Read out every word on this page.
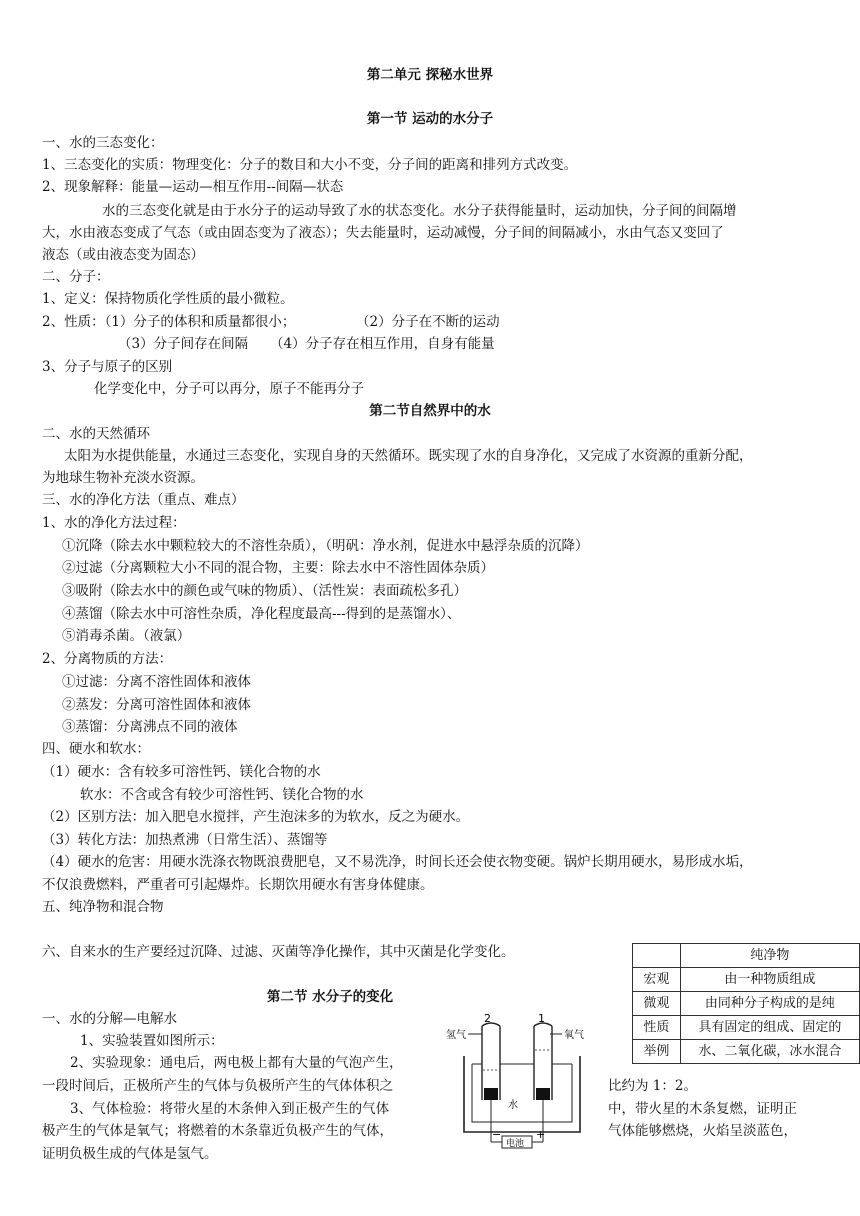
第二单元 探秘水世界
第一节 运动的水分子
一、水的三态变化：
1、三态变化的实质：物理变化：分子的数目和大小不变，分子间的距离和排列方式改变。
2、现象解释：能量—运动—相互作用--间隔—状态
水的三态变化就是由于水分子的运动导致了水的状态变化。水分子获得能量时，运动加快，分子间的间隔增
大，水由液态变成了气态（或由固态变为了液态）；失去能量时，运动减慢，分子间的间隔减小，水由气态又变回了
液态（或由液态变为固态）
二、分子：
1、定义：保持物质化学性质的最小微粒。
2、性质：（1）分子的体积和质量都很小；	（2）分子在不断的运动
（3）分子间存在间隔 （4）分子存在相互作用，自身有能量
3、分子与原子的区别
化学变化中，分子可以再分，原子不能再分子
第二节自然界中的水
二、水的天然循环
太阳为水提供能量，水通过三态变化，实现自身的天然循环。既实现了水的自身净化，又完成了水资源的重新分配，
为地球生物补充淡水资源。
三、水的净化方法（重点、难点）
1、水的净化方法过程：
①沉降（除去水中颗粒较大的不溶性杂质），（明矾：净水剂，促进水中悬浮杂质的沉降）
②过滤（分离颗粒大小不同的混合物，主要：除去水中不溶性固体杂质）
③吸附（除去水中的颜色或气味的物质）、（活性炭：表面疏松多孔）
④蒸馏（除去水中可溶性杂质，净化程度最高---得到的是蒸馏水）、
⑤消毒杀菌。（液氯）
2、分离物质的方法：
①过滤：分离不溶性固体和液体
②蒸发：分离可溶性固体和液体
③蒸馏：分离沸点不同的液体
四、硬水和软水：
（1）硬水：含有较多可溶性钙、镁化合物的水
软水：不含或含有较少可溶性钙、镁化合物的水
（2）区别方法：加入肥皂水搅拌，产生泡沫多的为软水，反之为硬水。
（3）转化方法：加热煮沸（日常生活）、蒸馏等
（4）硬水的危害：用硬水洗涤衣物既浪费肥皂，又不易洗净，时间长还会使衣物变硬。锅炉长期用硬水，易形成水垢，
不仅浪费燃料，严重者可引起爆炸。长期饮用硬水有害身体健康。
五、纯净物和混合物
六、自来水的生产要经过沉降、过滤、灭菌等净化操作，其中灭菌是化学变化。
		纯净物
宏观	由一种物质组成
微观	由同种分子构成的是纯
性质	具有固定的组成、固定的
举例	水、二氧化碳，冰水混合
第二节 水分子的变化
一、水的分解—电解水
1、实验装置如图所示：
2、实验现象：通电后，两电极上都有大量的气泡产生，
一段时间后，正极所产生的气体与负极所产生的气体体积之	比约为 1：2。
3、气体检验：将带火星的木条伸入到正极产生的气体	中，带火星的木条复燃，证明正
极产生的气体是氧气；将燃着的木条靠近负极产生的气体，	气体能够燃烧，火焰呈淡蓝色，
证明负极生成的气体是氢气。
2	1
氢气	氧气
水
电池
−	+
